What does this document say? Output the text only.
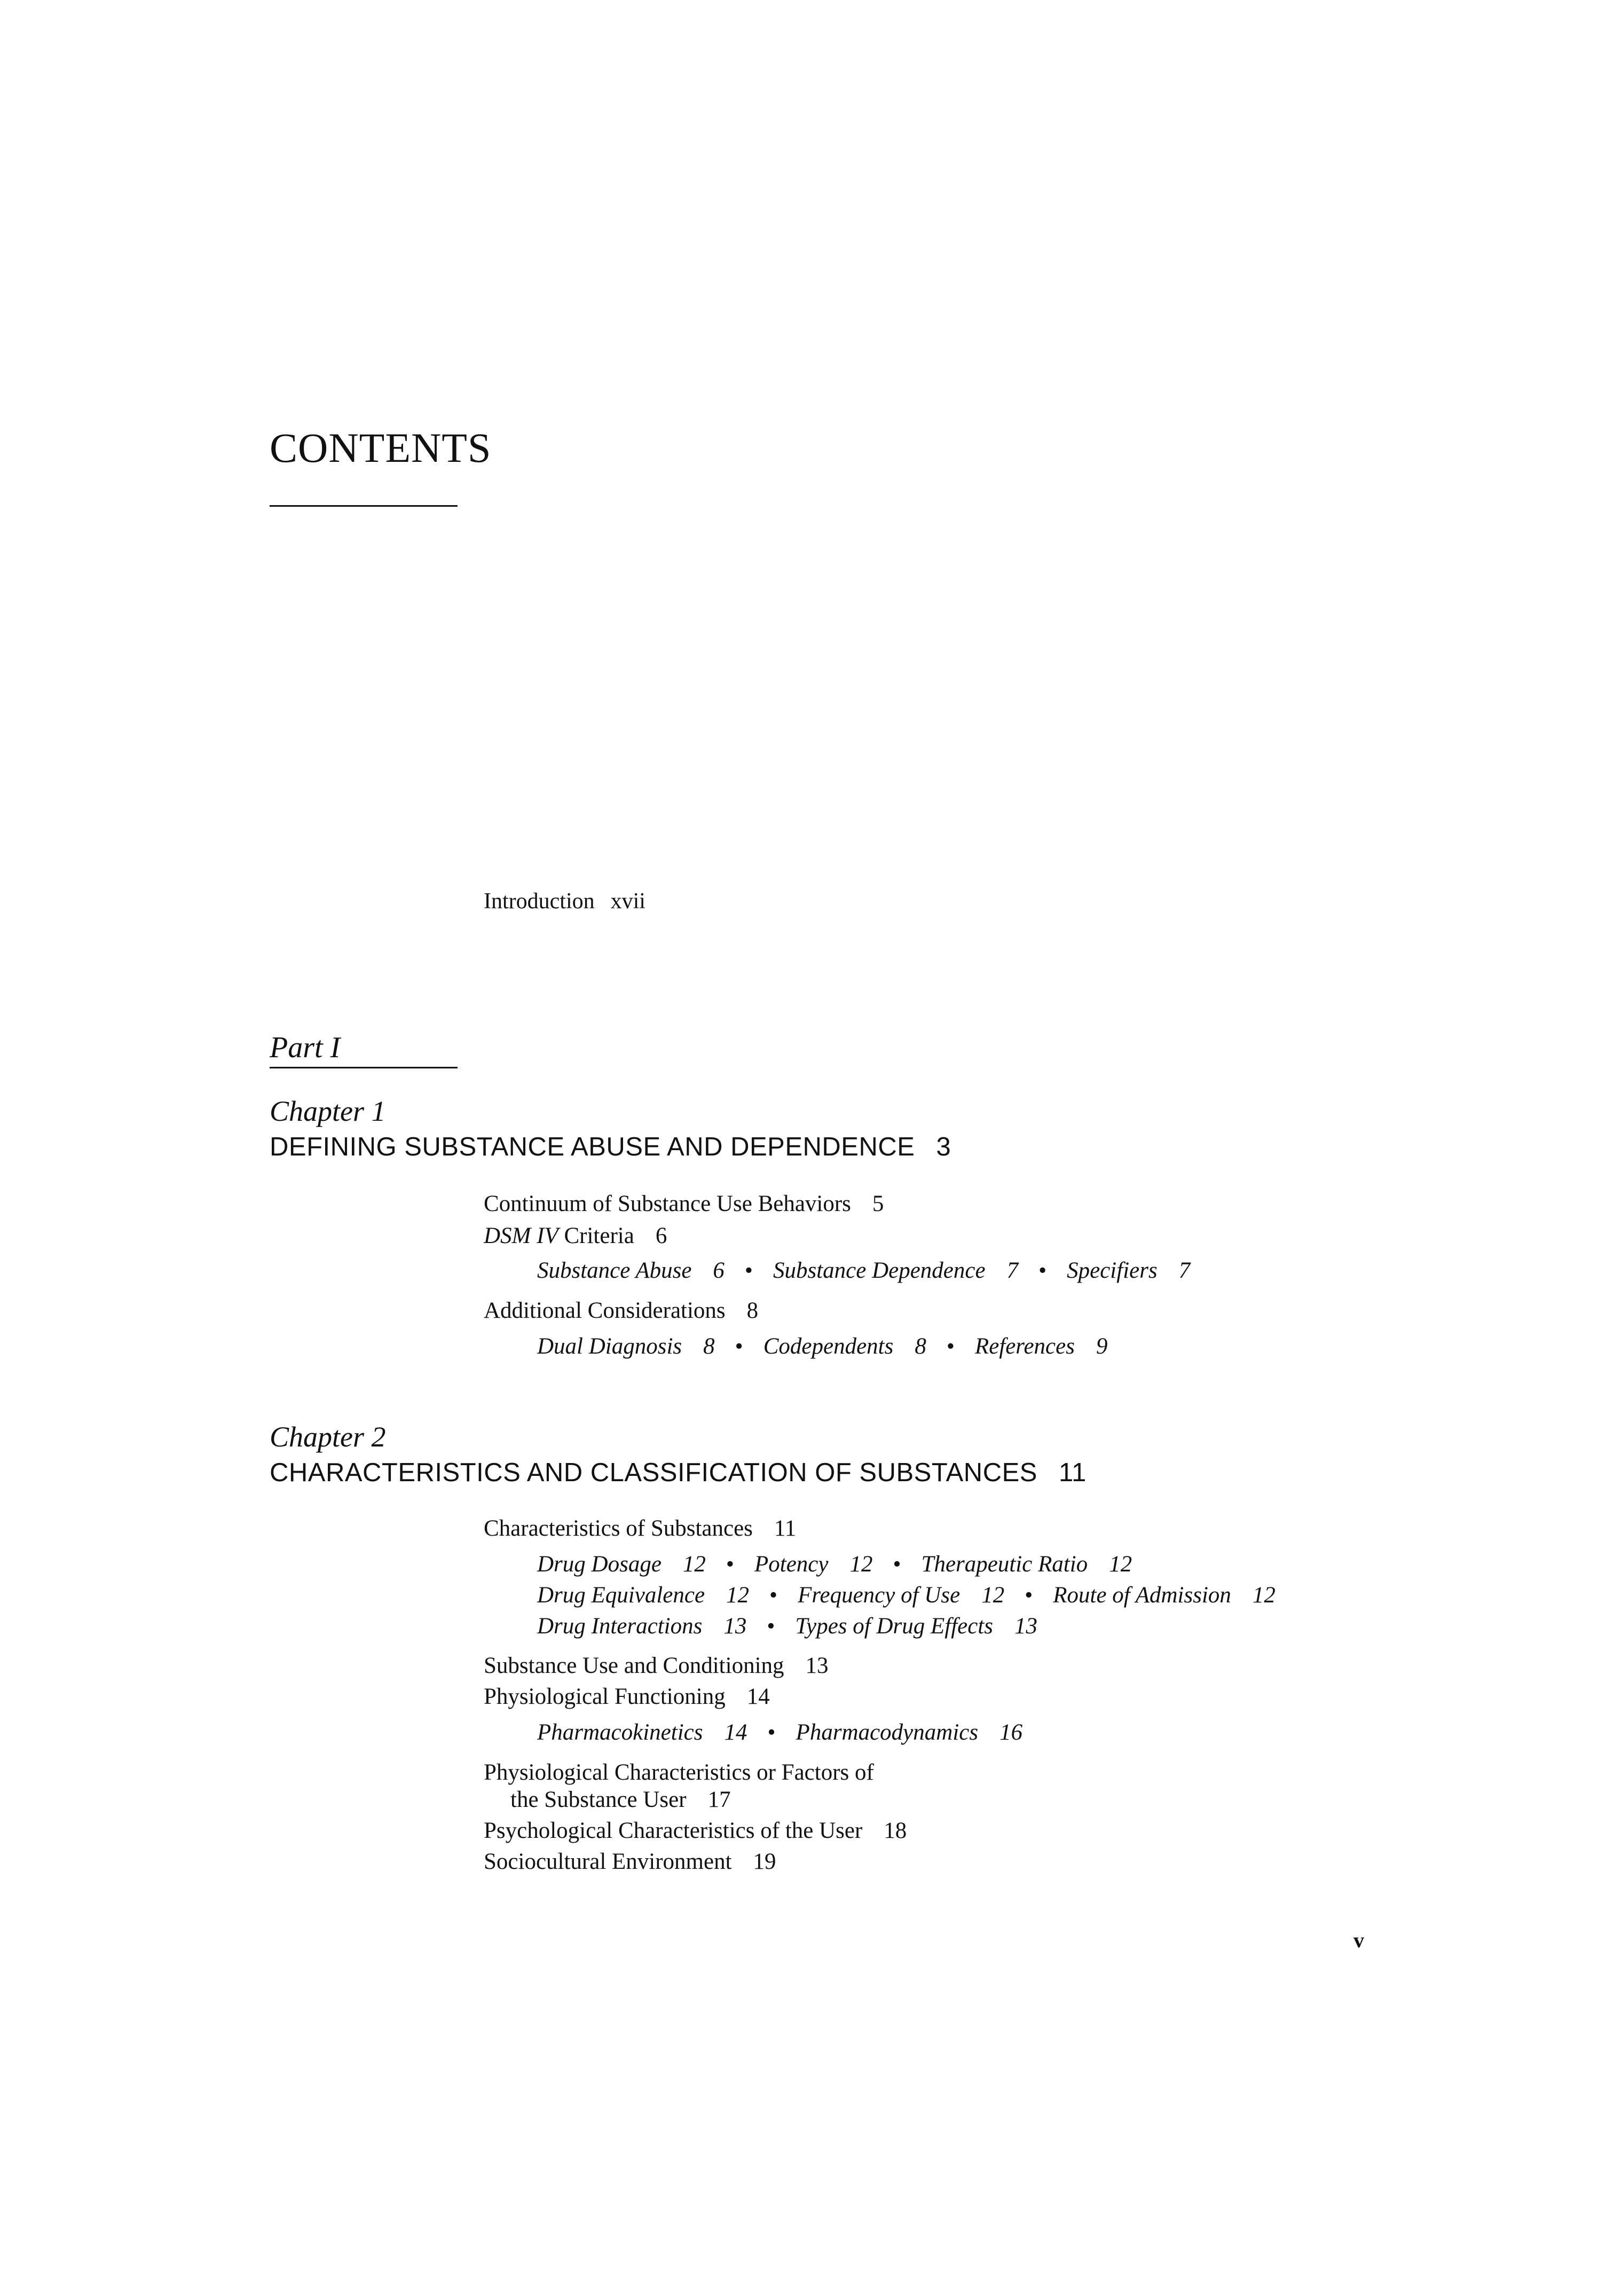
CONTENTS
Introduction xvii
Part I
Chapter 1
DEFINING SUBSTANCE ABUSE AND DEPENDENCE 3
Continuum of Substance Use Behaviors 5
DSM IV Criteria 6
Substance Abuse 6 • Substance Dependence 7 • Specifiers 7
Additional Considerations 8
Dual Diagnosis 8 • Codependents 8 • References 9
Chapter 2
CHARACTERISTICS AND CLASSIFICATION OF SUBSTANCES 11
Characteristics of Substances 11
Drug Dosage 12 • Potency 12 • Therapeutic Ratio 12
Drug Equivalence 12 • Frequency of Use 12 • Route of Admission 12
Drug Interactions 13 • Types of Drug Effects 13
Substance Use and Conditioning 13
Physiological Functioning 14
Pharmacokinetics 14 • Pharmacodynamics 16
Physiological Characteristics or Factors of
the Substance User 17
Psychological Characteristics of the User 18
Sociocultural Environment 19
v
